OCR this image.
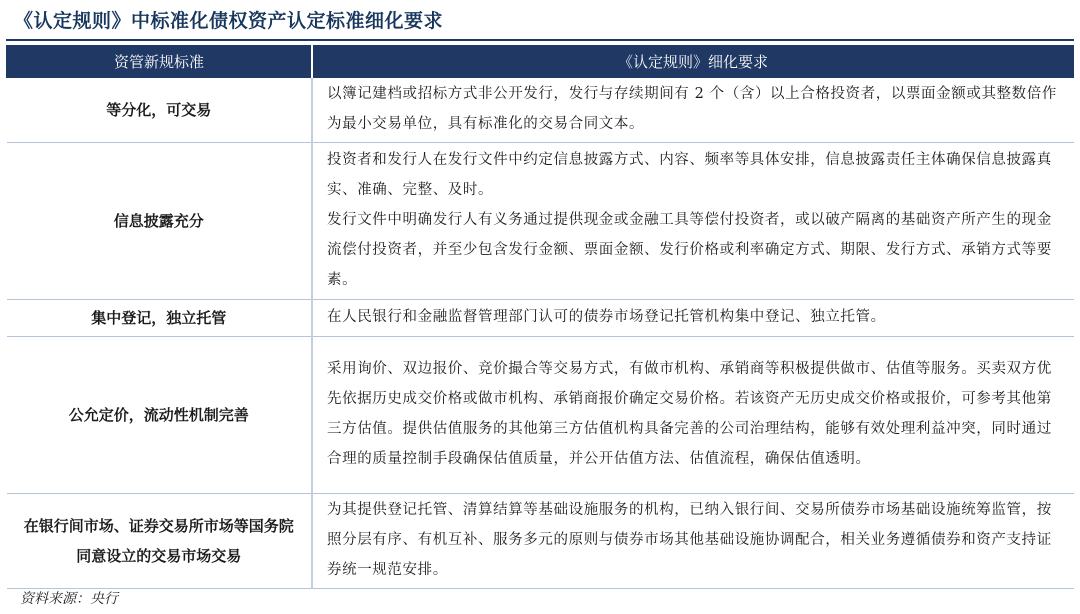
《认定规则》中标准化债权资产认定标准细化要求
资管新规标准	《认定规则》细化要求
等分化，可交易	以簿记建档或招标方式非公开发行，发行与存续期间有 2 个（含）以上合格投资者，以票面金额或其整数倍作为最小交易单位，具有标准化的交易合同文本。

信息披露充分	投资者和发行人在发行文件中约定信息披露方式、内容、频率等具体安排，信息披露责任主体确保信息披露真实、准确、完整、及时。
发行文件中明确发行人有义务通过提供现金或金融工具等偿付投资者，或以破产隔离的基础资产所产生的现金流偿付投资者，并至少包含发行金额、票面金额、发行价格或利率确定方式、期限、发行方式、承销方式等要素。

集中登记，独立托管	在人民银行和金融监督管理部门认可的债券市场登记托管机构集中登记、独立托管。

公允定价，流动性机制完善	采用询价、双边报价、竞价撮合等交易方式，有做市机构、承销商等积极提供做市、估值等服务。买卖双方优先依据历史成交价格或做市机构、承销商报价确定交易价格。若该资产无历史成交价格或报价，可参考其他第三方估值。提供估值服务的其他第三方估值机构具备完善的公司治理结构，能够有效处理利益冲突，同时通过合理的质量控制手段确保估值质量，并公开估值方法、估值流程，确保估值透明。

在银行间市场、证券交易所市场等国务院同意设立的交易市场交易	为其提供登记托管、清算结算等基础设施服务的机构，已纳入银行间、交易所债券市场基础设施统筹监管，按照分层有序、有机互补、服务多元的原则与债券市场其他基础设施协调配合，相关业务遵循债券和资产支持证券统一规范安排。
资料来源：央行
